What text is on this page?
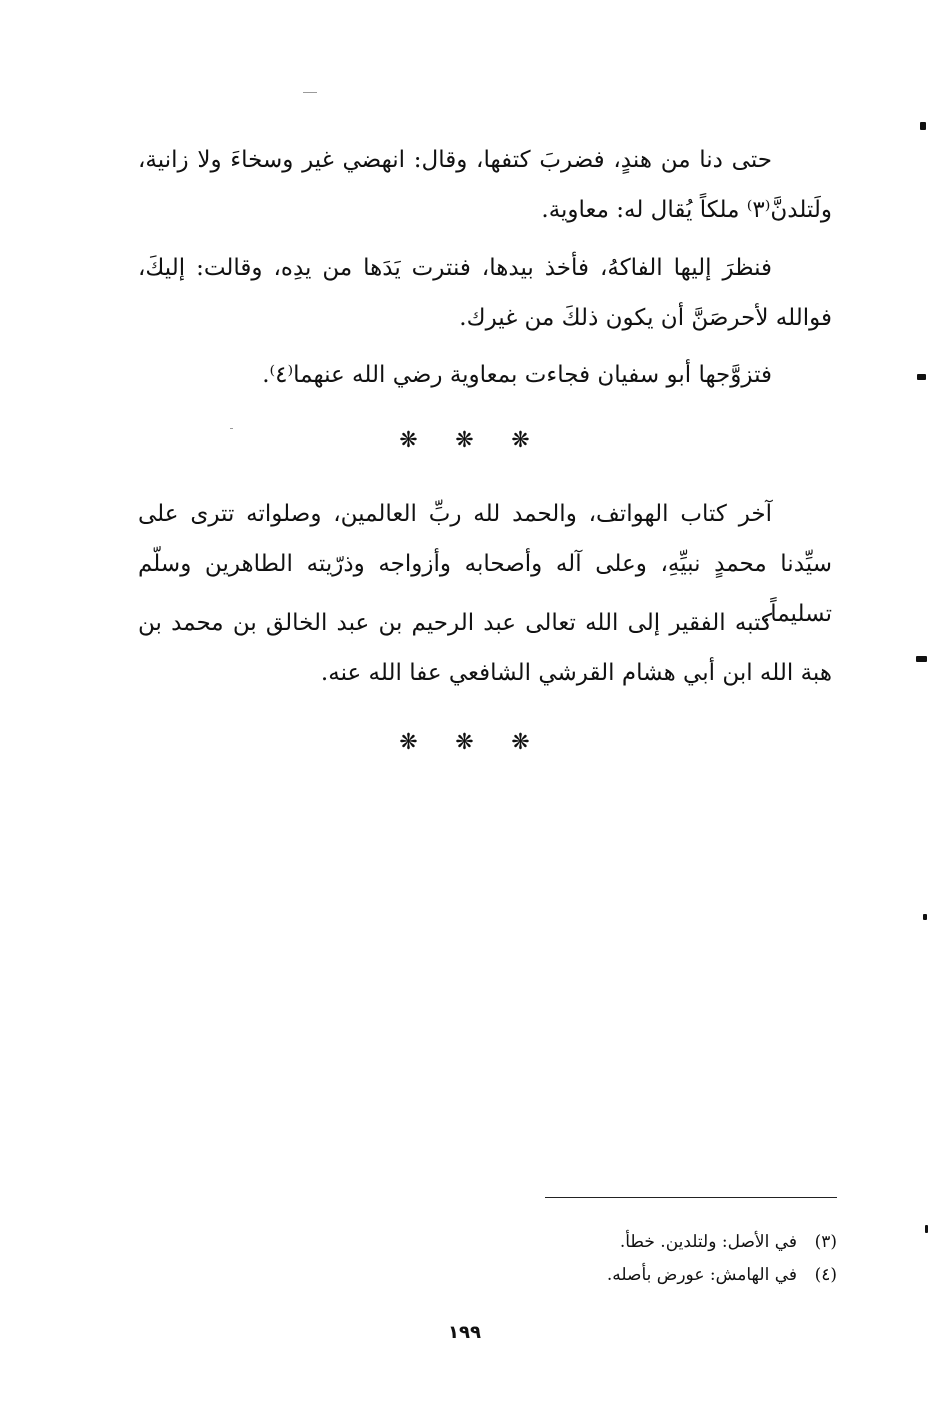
حتى دنا من هندٍ، فضربَ كتفها، وقال: انهضي غير وسخاءَ ولا زانية، ولَتلدنَّ⁽٣⁾ ملكاً يُقال له: معاوية.

فنظرَ إليها الفاكهُ، فأخذ بيدها، فنترت يَدَها من يدِه، وقالت: إليكَ، فوالله لأحرصَنَّ أن يكون ذلكَ من غيرك.

فتزوَّجها أبو سفيان فجاءت بمعاوية رضي الله عنهما⁽٤⁾.

❋ ❋ ❋

آخر كتاب الهواتف، والحمد لله ربِّ العالمين، وصلواته تترى على سيِّدنا محمدٍ نبيِّهِ، وعلى آله وأصحابه وأزواجه وذرّيته الطاهرين وسلّم تسليماً.

كتبه الفقير إلى الله تعالى عبد الرحيم بن عبد الخالق بن محمد بن هبة الله ابن أبي هشام القرشي الشافعي عفا الله عنه.

❋ ❋ ❋

(٣)في الأصل: ولتلدين. خطأ.

(٤)في الهامش: عورض بأصله.

١٩٩
